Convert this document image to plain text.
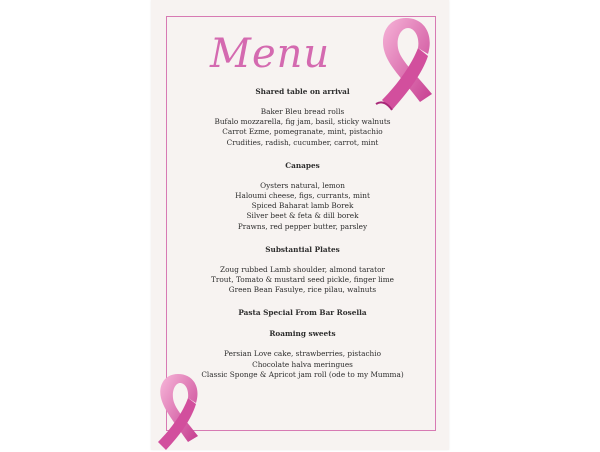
Menu

Shared table on arrival

Baker Bleu bread rolls

Bufalo mozzarella, fig jam, basil, sticky walnuts

Carrot Ezme, pomegranate, mint, pistachio

Crudities, radish, cucumber, carrot, mint

Canapes

Oysters natural, lemon

Haloumi cheese, figs, currants, mint

Spiced Baharat lamb Borek

Silver beet & feta & dill borek

Prawns, red pepper butter, parsley

Substantial Plates

Zoug rubbed Lamb shoulder, almond tarator

Trout, Tomato & mustard seed pickle, finger lime

Green Bean Fasulye, rice pilau, walnuts

Pasta Special From Bar Rosella

Roaming sweets

Persian Love cake, strawberries, pistachio

Chocolate halva meringues

Classic Sponge & Apricot jam roll (ode to my Mumma)
